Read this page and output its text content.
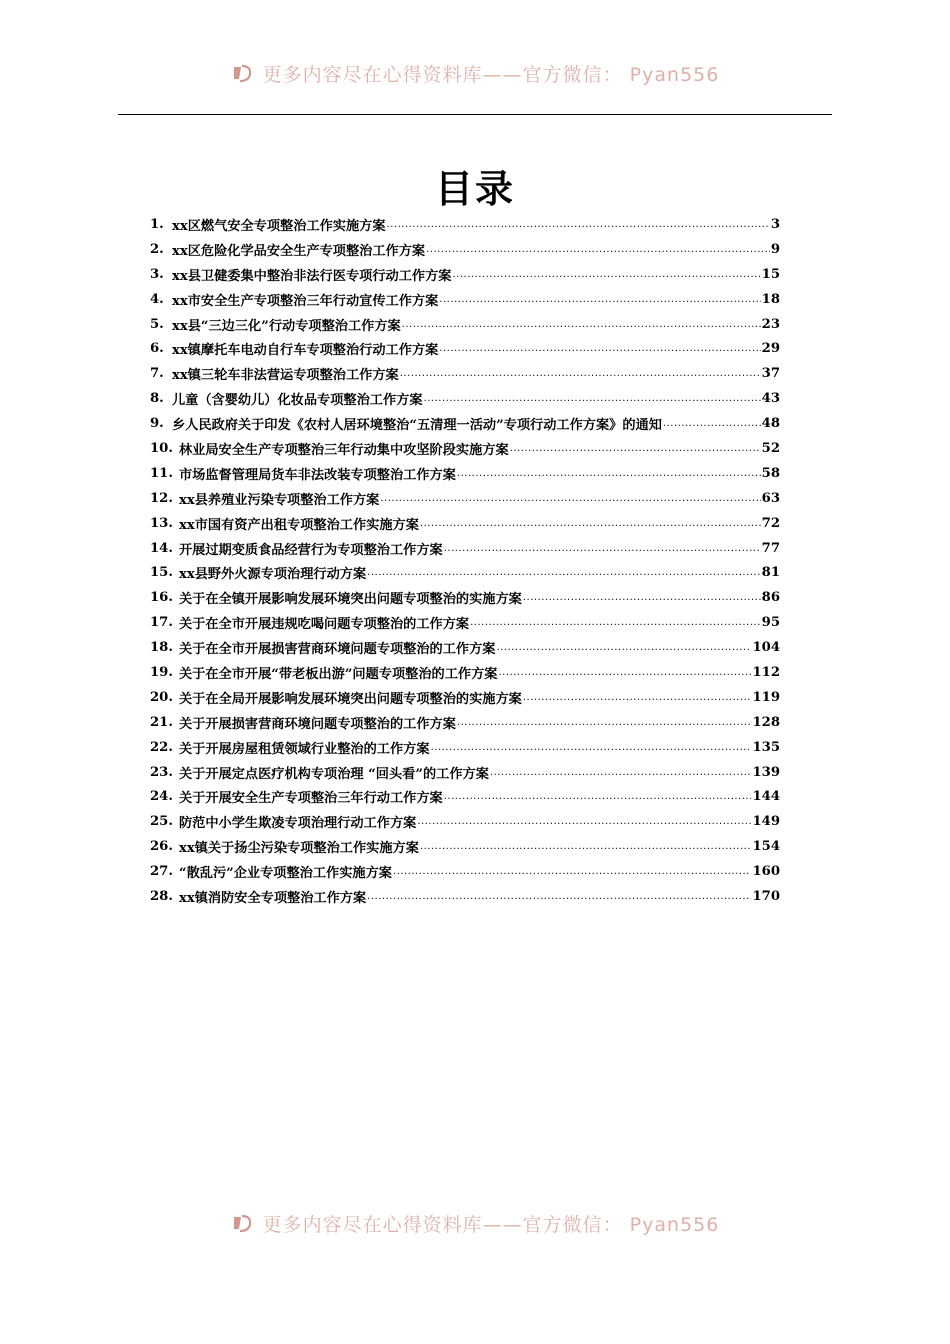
更多内容尽在心得资料库——官方微信： Pyan556
目录
1. xx区燃气安全专项整治工作实施方案 .....	3
2. xx区危险化学品安全生产专项整治工作方案 .....	9
3. xx县卫健委集中整治非法行医专项行动工作方案 .....	15
4. xx市安全生产专项整治三年行动宣传工作方案 .....	18
5. xx县“三边三化”行动专项整治工作方案 .....	23
6. xx镇摩托车电动自行车专项整治行动工作方案 .....	29
7. xx镇三轮车非法营运专项整治工作方案 .....	37
8. 儿童（含婴幼儿）化妆品专项整治工作方案 .....	43
9. 乡人民政府关于印发《农村人居环境整治“五清理一活动”专项行动工作方案》的通知 .....	48
10. 林业局安全生产专项整治三年行动集中攻坚阶段实施方案 .....	52
11. 市场监督管理局货车非法改装专项整治工作方案 .....	58
12. xx县养殖业污染专项整治工作方案 .....	63
13. xx市国有资产出租专项整治工作实施方案 .....	72
14. 开展过期变质食品经营行为专项整治工作方案 .....	77
15. xx县野外火源专项治理行动方案 .....	81
16. 关于在全镇开展影响发展环境突出问题专项整治的实施方案 .....	86
17. 关于在全市开展违规吃喝问题专项整治的工作方案 .....	95
18. 关于在全市开展损害营商环境问题专项整治的工作方案 .....	104
19. 关于在全市开展“带老板出游”问题专项整治的工作方案 .....	112
20. 关于在全局开展影响发展环境突出问题专项整治的实施方案 .....	119
21. 关于开展损害营商环境问题专项整治的工作方案 .....	128
22. 关于开展房屋租赁领域行业整治的工作方案 .....	135
23. 关于开展定点医疗机构专项治理 “回头看”的工作方案 .....	139
24. 关于开展安全生产专项整治三年行动工作方案 .....	144
25. 防范中小学生欺凌专项治理行动工作方案 .....	149
26. xx镇关于扬尘污染专项整治工作实施方案 .....	154
27. “散乱污”企业专项整治工作实施方案 .....	160
28. xx镇消防安全专项整治工作方案 .....	170
更多内容尽在心得资料库——官方微信： Pyan556
